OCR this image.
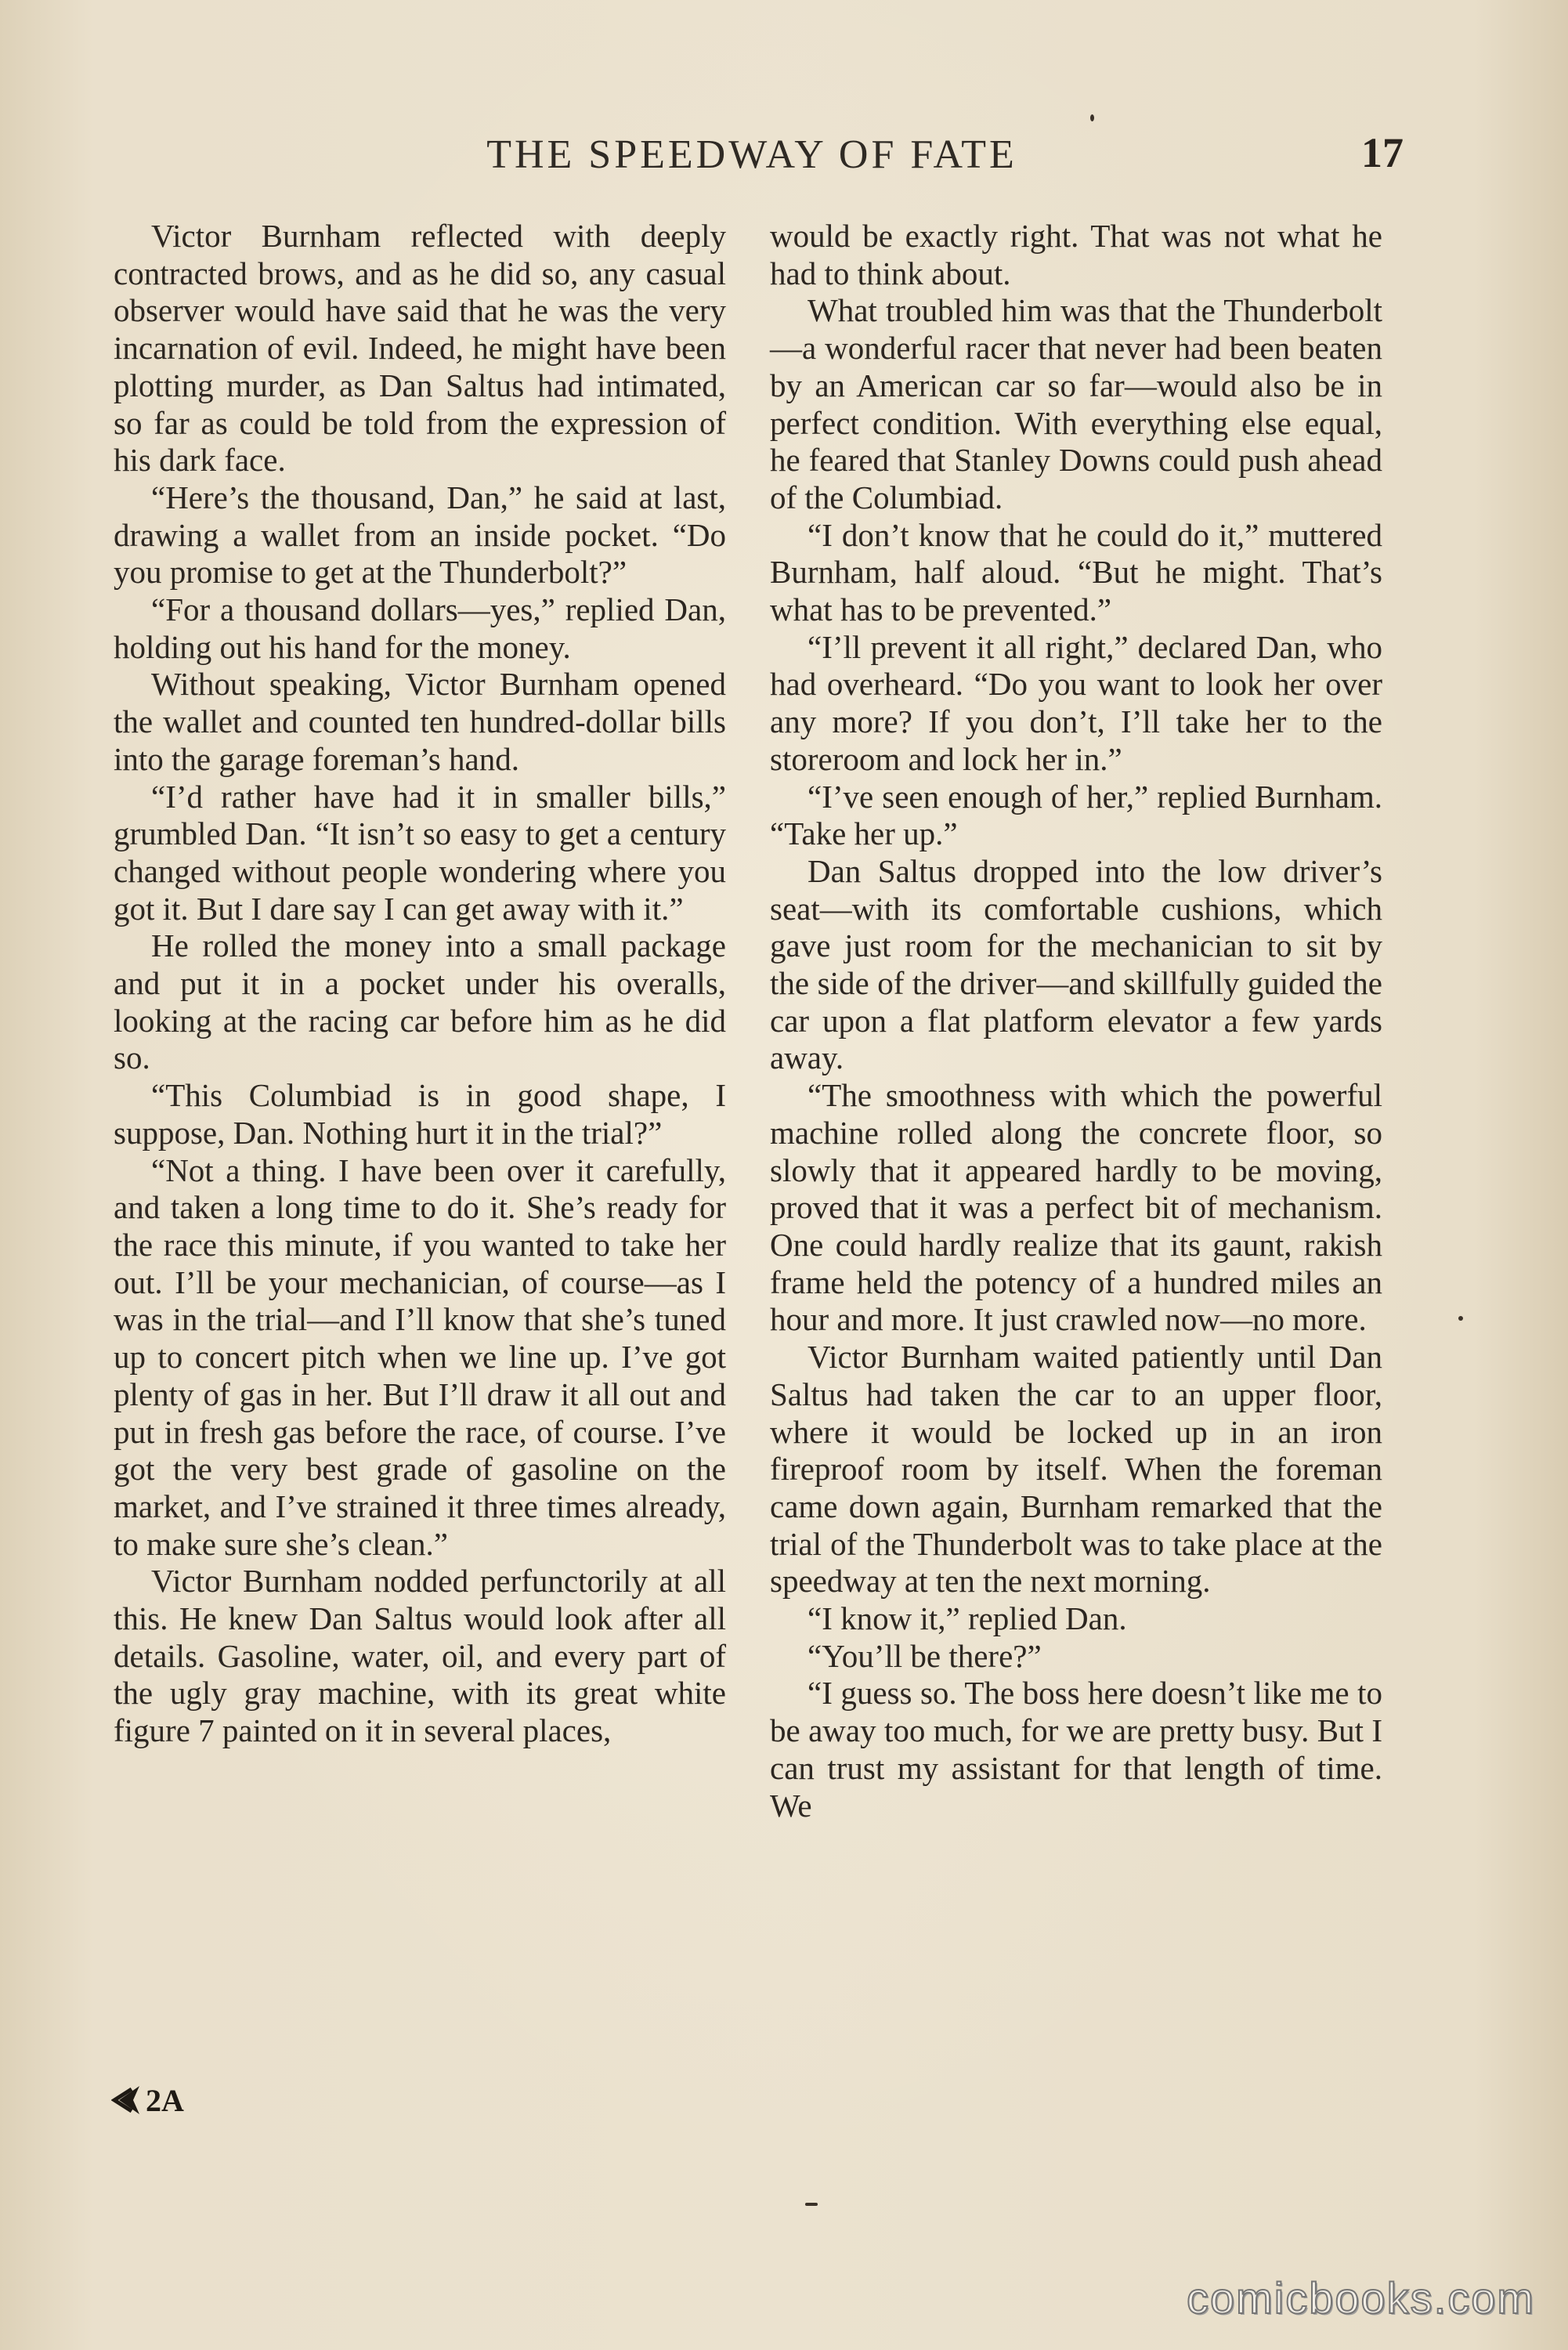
THE SPEEDWAY OF FATE	17

Victor Burnham reflected with deeply contracted brows, and as he did so, any casual observer would have said that he was the very incarnation of evil. Indeed, he might have been plotting murder, as Dan Saltus had intimated, so far as could be told from the expression of his dark face.

“Here’s the thousand, Dan,” he said at last, drawing a wallet from an inside pocket. “Do you promise to get at the Thunderbolt?”

“For a thousand dollars—yes,” replied Dan, holding out his hand for the money.

Without speaking, Victor Burnham opened the wallet and counted ten hundred-dollar bills into the garage foreman’s hand.

“I’d rather have had it in smaller bills,” grumbled Dan. “It isn’t so easy to get a century changed without people wondering where you got it. But I dare say I can get away with it.”

He rolled the money into a small package and put it in a pocket under his overalls, looking at the racing car before him as he did so.

“This Columbiad is in good shape, I suppose, Dan. Nothing hurt it in the trial?”

“Not a thing. I have been over it carefully, and taken a long time to do it. She’s ready for the race this minute, if you wanted to take her out. I’ll be your mechanician, of course—as I was in the trial—and I’ll know that she’s tuned up to concert pitch when we line up. I’ve got plenty of gas in her. But I’ll draw it all out and put in fresh gas before the race, of course. I’ve got the very best grade of gasoline on the market, and I’ve strained it three times already, to make sure she’s clean.”

Victor Burnham nodded perfunctorily at all this. He knew Dan Saltus would look after all details. Gasoline, water, oil, and every part of the ugly gray machine, with its great white figure 7 painted on it in several places,

would be exactly right. That was not what he had to think about.

What troubled him was that the Thunderbolt—a wonderful racer that never had been beaten by an American car so far—would also be in perfect condition. With everything else equal, he feared that Stanley Downs could push ahead of the Columbiad.

“I don’t know that he could do it,” muttered Burnham, half aloud. “But he might. That’s what has to be prevented.”

“I’ll prevent it all right,” declared Dan, who had overheard. “Do you want to look her over any more? If you don’t, I’ll take her to the storeroom and lock her in.”

“I’ve seen enough of her,” replied Burnham. “Take her up.”

Dan Saltus dropped into the low driver’s seat—with its comfortable cushions, which gave just room for the mechanician to sit by the side of the driver—and skillfully guided the car upon a flat platform elevator a few yards away.

“The smoothness with which the powerful machine rolled along the concrete floor, so slowly that it appeared hardly to be moving, proved that it was a perfect bit of mechanism. One could hardly realize that its gaunt, rakish frame held the potency of a hundred miles an hour and more. It just crawled now—no more.

Victor Burnham waited patiently until Dan Saltus had taken the car to an upper floor, where it would be locked up in an iron fireproof room by itself. When the foreman came down again, Burnham remarked that the trial of the Thunderbolt was to take place at the speedway at ten the next morning.

“I know it,” replied Dan.

“You’ll be there?”

“I guess so. The boss here doesn’t like me to be away too much, for we are pretty busy. But I can trust my assistant for that length of time. We

2A
comicbooks.com
